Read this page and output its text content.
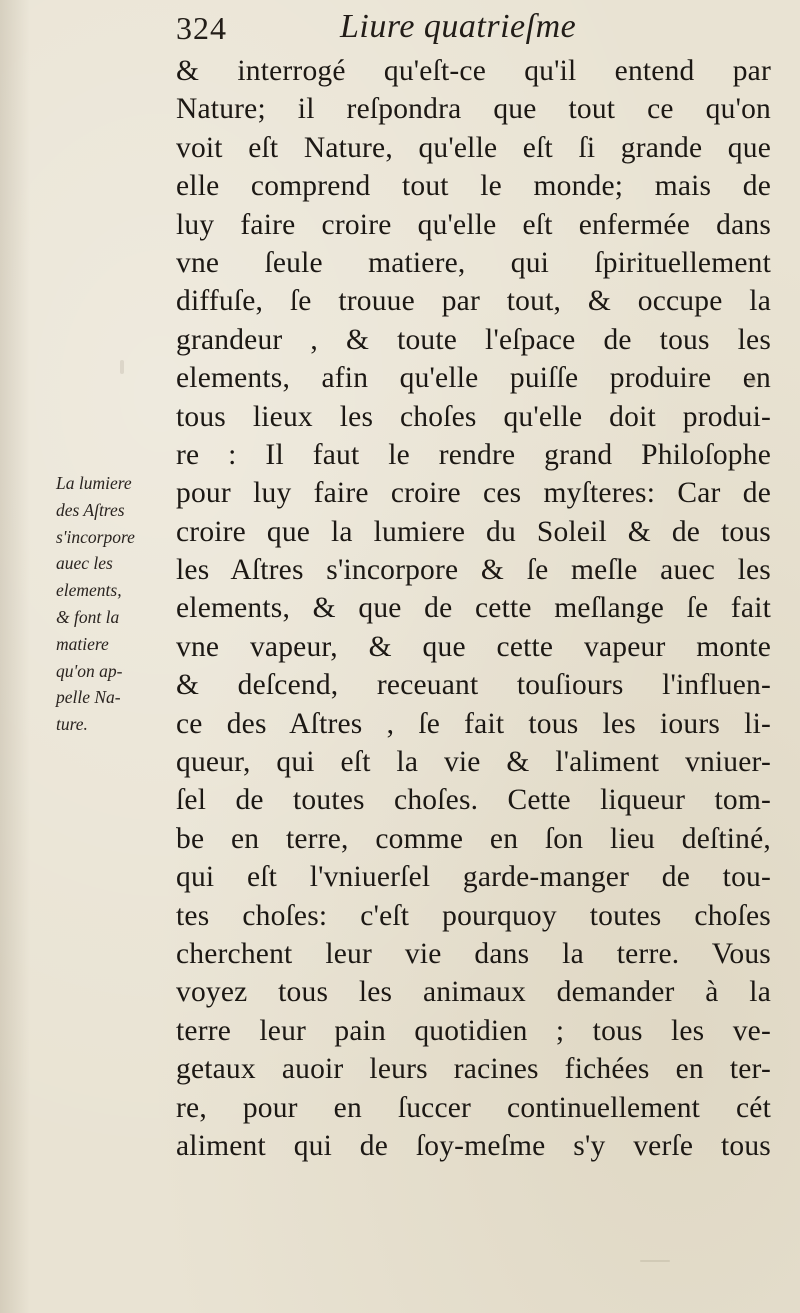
324	Liure quatrieſme
La lumiere
des Aſtres
s'incorpore
auec les
elements,
& font la
matiere
qu'on ap-
pelle Na-
ture.
& interrogé qu'eſt-ce qu'il entend par
Nature; il reſpondra que tout ce qu'on
voit eſt Nature, qu'elle eſt ſi grande que
elle comprend tout le monde; mais de
luy faire croire qu'elle eſt enfermée dans
vne ſeule matiere, qui ſpirituellement
diffuſe, ſe trouue par tout, & occupe la
grandeur , & toute l'eſpace de tous les
elements, afin qu'elle puiſſe produire en
tous lieux les choſes qu'elle doit produi-
re : Il faut le rendre grand Philoſophe
pour luy faire croire ces myſteres: Car de
croire que la lumiere du Soleil & de tous
les Aſtres s'incorpore & ſe meſle auec les
elements, & que de cette meſlange ſe fait
vne vapeur, & que cette vapeur monte
& deſcend, receuant touſiours l'influen-
ce des Aſtres , ſe fait tous les iours li-
queur, qui eſt la vie & l'aliment vniuer-
ſel de toutes choſes. Cette liqueur tom-
be en terre, comme en ſon lieu deſtiné,
qui eſt l'vniuerſel garde-manger de tou-
tes choſes: c'eſt pourquoy toutes choſes
cherchent leur vie dans la terre. Vous
voyez tous les animaux demander à la
terre leur pain quotidien ; tous les ve-
getaux auoir leurs racines fichées en ter-
re, pour en ſuccer continuellement cét
aliment qui de ſoy-meſme s'y verſe tous
